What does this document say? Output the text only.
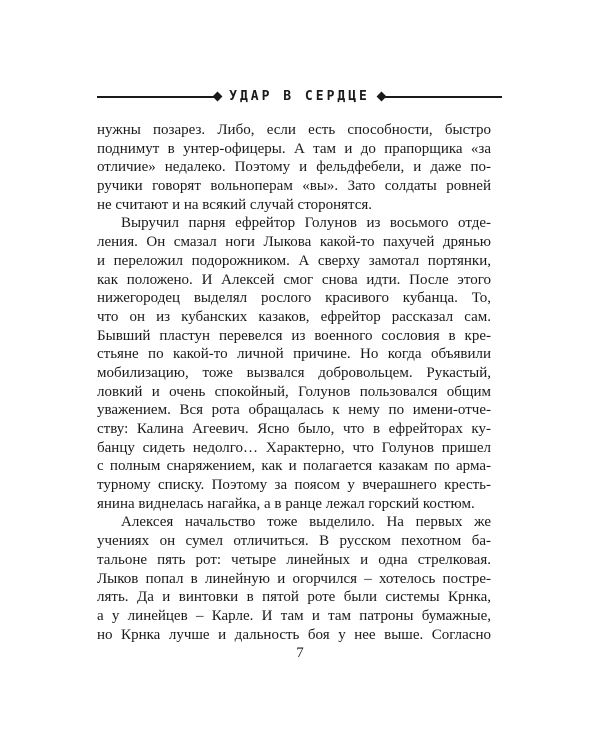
УДАР В СЕРДЦЕ
нужны позарез. Либо, если есть способности, быстро
поднимут в унтер-офицеры. А там и до прапорщика «за
отличие» недалеко. Поэтому и фельдфебели, и даже по-
ручики говорят вольноперам «вы». Зато солдаты ровней
не считают и на всякий случай сторонятся.
Выручил парня ефрейтор Голунов из восьмого отде-
ления. Он смазал ноги Лыкова какой-то пахучей дрянью
и переложил подорожником. А сверху замотал портянки,
как положено. И Алексей смог снова идти. После этого
нижегородец выделял рослого красивого кубанца. То,
что он из кубанских казаков, ефрейтор рассказал сам.
Бывший пластун перевелся из военного сословия в кре-
стьяне по какой-то личной причине. Но когда объявили
мобилизацию, тоже вызвался добровольцем. Рукастый,
ловкий и очень спокойный, Голунов пользовался общим
уважением. Вся рота обращалась к нему по имени-отче-
ству: Калина Агеевич. Ясно было, что в ефрейторах ку-
банцу сидеть недолго… Характерно, что Голунов пришел
с полным снаряжением, как и полагается казакам по арма-
турному списку. Поэтому за поясом у вчерашнего кресть-
янина виднелась нагайка, а в ранце лежал горский костюм.
Алексея начальство тоже выделило. На первых же
учениях он сумел отличиться. В русском пехотном ба-
тальоне пять рот: четыре линейных и одна стрелковая.
Лыков попал в линейную и огорчился – хотелось постре-
лять. Да и винтовки в пятой роте были системы Крнка,
а у линейцев – Карле. И там и там патроны бумажные,
но Крнка лучше и дальность боя у нее выше. Согласно
7
